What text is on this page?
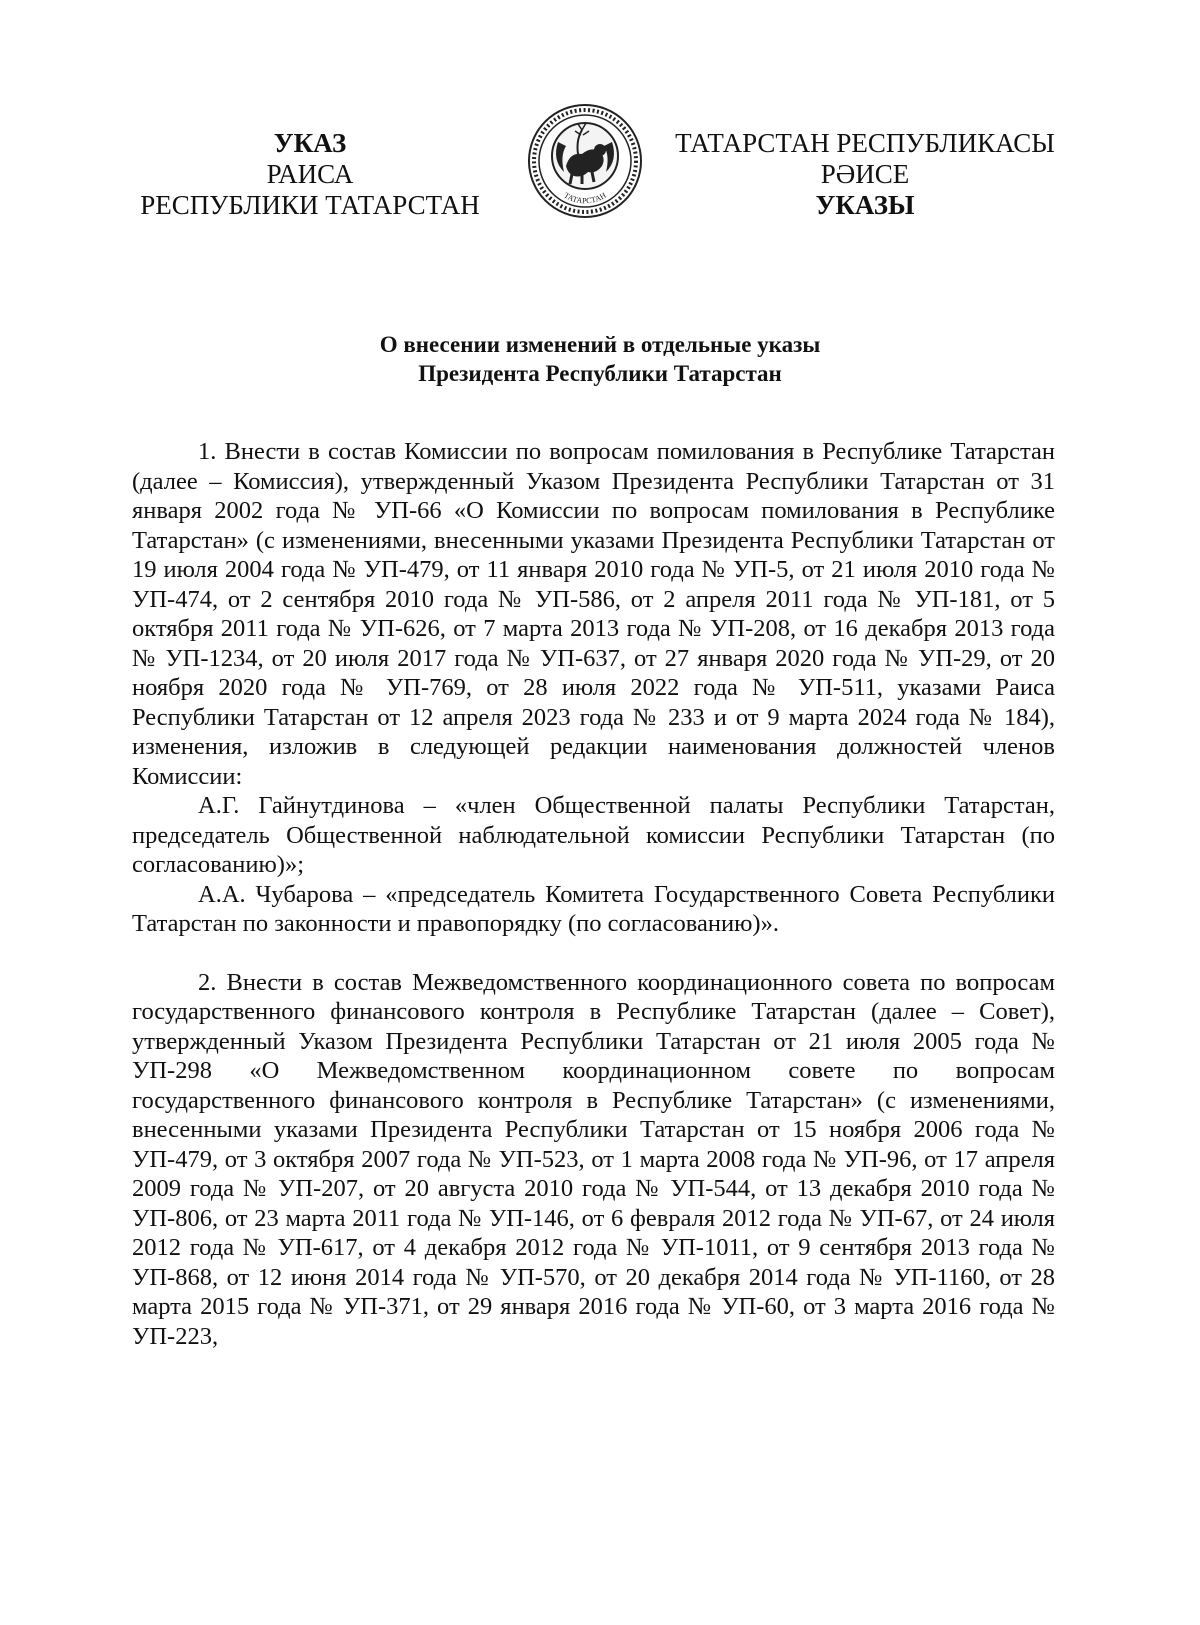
УКАЗ
РАИСА
РЕСПУБЛИКИ ТАТАРСТАН	ТАТАРСТАН
ТАТАРСТАН РЕСПУБЛИКАСЫ
РӘИСЕ
УКАЗЫ
О внесении изменений в отдельные указы
Президента Республики Татарстан

1. Внести в состав Комиссии по вопросам помилования в Республике Татарстан (далее – Комиссия), утвержденный Указом Президента Республики Татарстан от 31 января 2002 года № УП-66 «О Комиссии по вопросам помилования в Республике Татарстан» (с изменениями, внесенными указами Президента Республики Татарстан от 19 июля 2004 года № УП-479, от 11 января 2010 года № УП-5, от 21 июля 2010 года № УП-474, от 2 сентября 2010 года № УП-586, от 2 апреля 2011 года № УП-181, от 5 октября 2011 года № УП-626, от 7 марта 2013 года № УП-208, от 16 декабря 2013 года № УП-1234, от 20 июля 2017 года № УП-637, от 27 января 2020 года № УП-29, от 20 ноября 2020 года № УП-769, от 28 июля 2022 года № УП-511, указами Раиса Республики Татарстан от 12 апреля 2023 года № 233 и от 9 марта 2024 года № 184), изменения, изложив в следующей редакции наименования должностей членов Комиссии:

А.Г. Гайнутдинова – «член Общественной палаты Республики Татарстан, председатель Общественной наблюдательной комиссии Республики Татарстан (по согласованию)»;

А.А. Чубарова – «председатель Комитета Государственного Совета Республики Татарстан по законности и правопорядку (по согласованию)».

2. Внести в состав Межведомственного координационного совета по вопросам государственного финансового контроля в Республике Татарстан (далее – Совет), утвержденный Указом Президента Республики Татарстан от 21 июля 2005 года № УП-298 «О Межведомственном координационном совете по вопросам государственного финансового контроля в Республике Татарстан» (с изменениями, внесенными указами Президента Республики Татарстан от 15 ноября 2006 года № УП-479, от 3 октября 2007 года № УП-523, от 1 марта 2008 года № УП-96, от 17 апреля 2009 года № УП-207, от 20 августа 2010 года № УП-544, от 13 декабря 2010 года № УП-806, от 23 марта 2011 года № УП-146, от 6 февраля 2012 года № УП-67, от 24 июля 2012 года № УП-617, от 4 декабря 2012 года № УП-1011, от 9 сентября 2013 года № УП-868, от 12 июня 2014 года № УП-570, от 20 декабря 2014 года № УП-1160, от 28 марта 2015 года № УП-371, от 29 января 2016 года № УП-60, от 3 марта 2016 года № УП-223,
